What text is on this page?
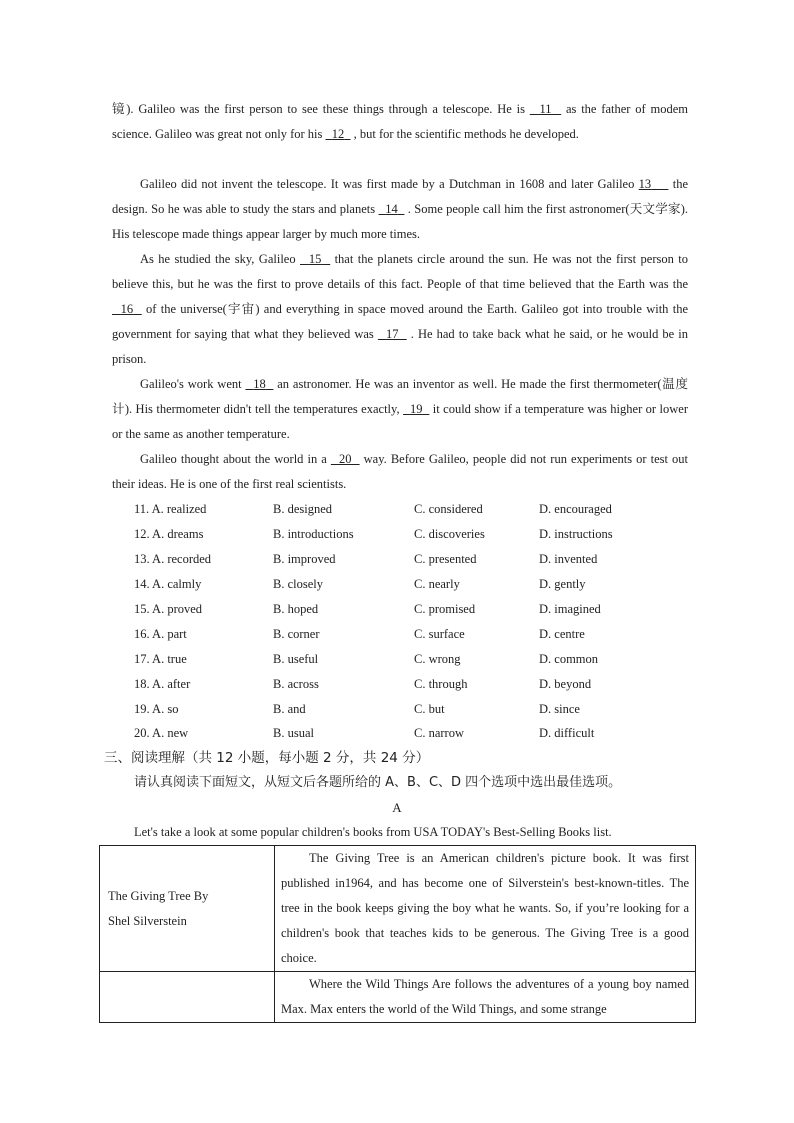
镜). Galileo was the first person to see these things through a telescope. He is   11   as the father of modem science. Galileo was great not only for his   12   , but for the scientific methods he developed.
Galileo did not invent the telescope. It was first made by a Dutchman in 1608 and later Galileo 13     the design. So he was able to study the stars and planets   14   . Some people call him the first astronomer(天文学家). His telescope made things appear larger by much more times.
As he studied the sky, Galileo   15   that the planets circle around the sun. He was not the first person to believe this, but he was the first to prove details of this fact. People of that time believed that the Earth was the   16   of the universe(宇宙) and everything in space moved around the Earth. Galileo got into trouble with the government for saying that what they believed was   17   . He had to take back what he said, or he would be in prison.
Galileo's work went   18   an astronomer. He was an inventor as well. He made the first thermometer(温度计). His thermometer didn't tell the temperatures exactly,   19   it could show if a temperature was higher or lower or the same as another temperature.
Galileo thought about the world in a   20   way. Before Galileo, people did not run experiments or test out their ideas. He is one of the first real scientists.
11. A. realized	B. designed	C. considered	D. encouraged
12. A. dreams	B. introductions	C. discoveries	D. instructions
13. A. recorded	B. improved	C. presented	D. invented
14. A. calmly	B. closely	C. nearly	D. gently
15. A. proved	B. hoped	C. promised	D. imagined
16. A. part	B. corner	C. surface	D. centre
17. A. true	B. useful	C. wrong	D. common
18. A. after	B. across	C. through	D. beyond
19. A. so	B. and	C. but	D. since
20. A. new	B. usual	C. narrow	D. difficult
三、阅读理解（共 12 小题，每小题 2 分，共 24 分）
请认真阅读下面短文，从短文后各题所给的 A、B、C、D 四个选项中选出最佳选项。
A
Let's take a look at some popular children's books from USA TODAY's Best-Selling Books list.
The Giving Tree By
Shel Silverstein	The Giving Tree is an American children's picture book. It was first published in1964, and has become one of Silverstein's best-known-titles. The tree in the book keeps giving the boy what he wants. So, if you’re looking for a children's book that teaches kids to be generous. The Giving Tree is a good choice.

	Where the Wild Things Are follows the adventures of a young boy named Max. Max enters the world of the Wild Things, and some strange
